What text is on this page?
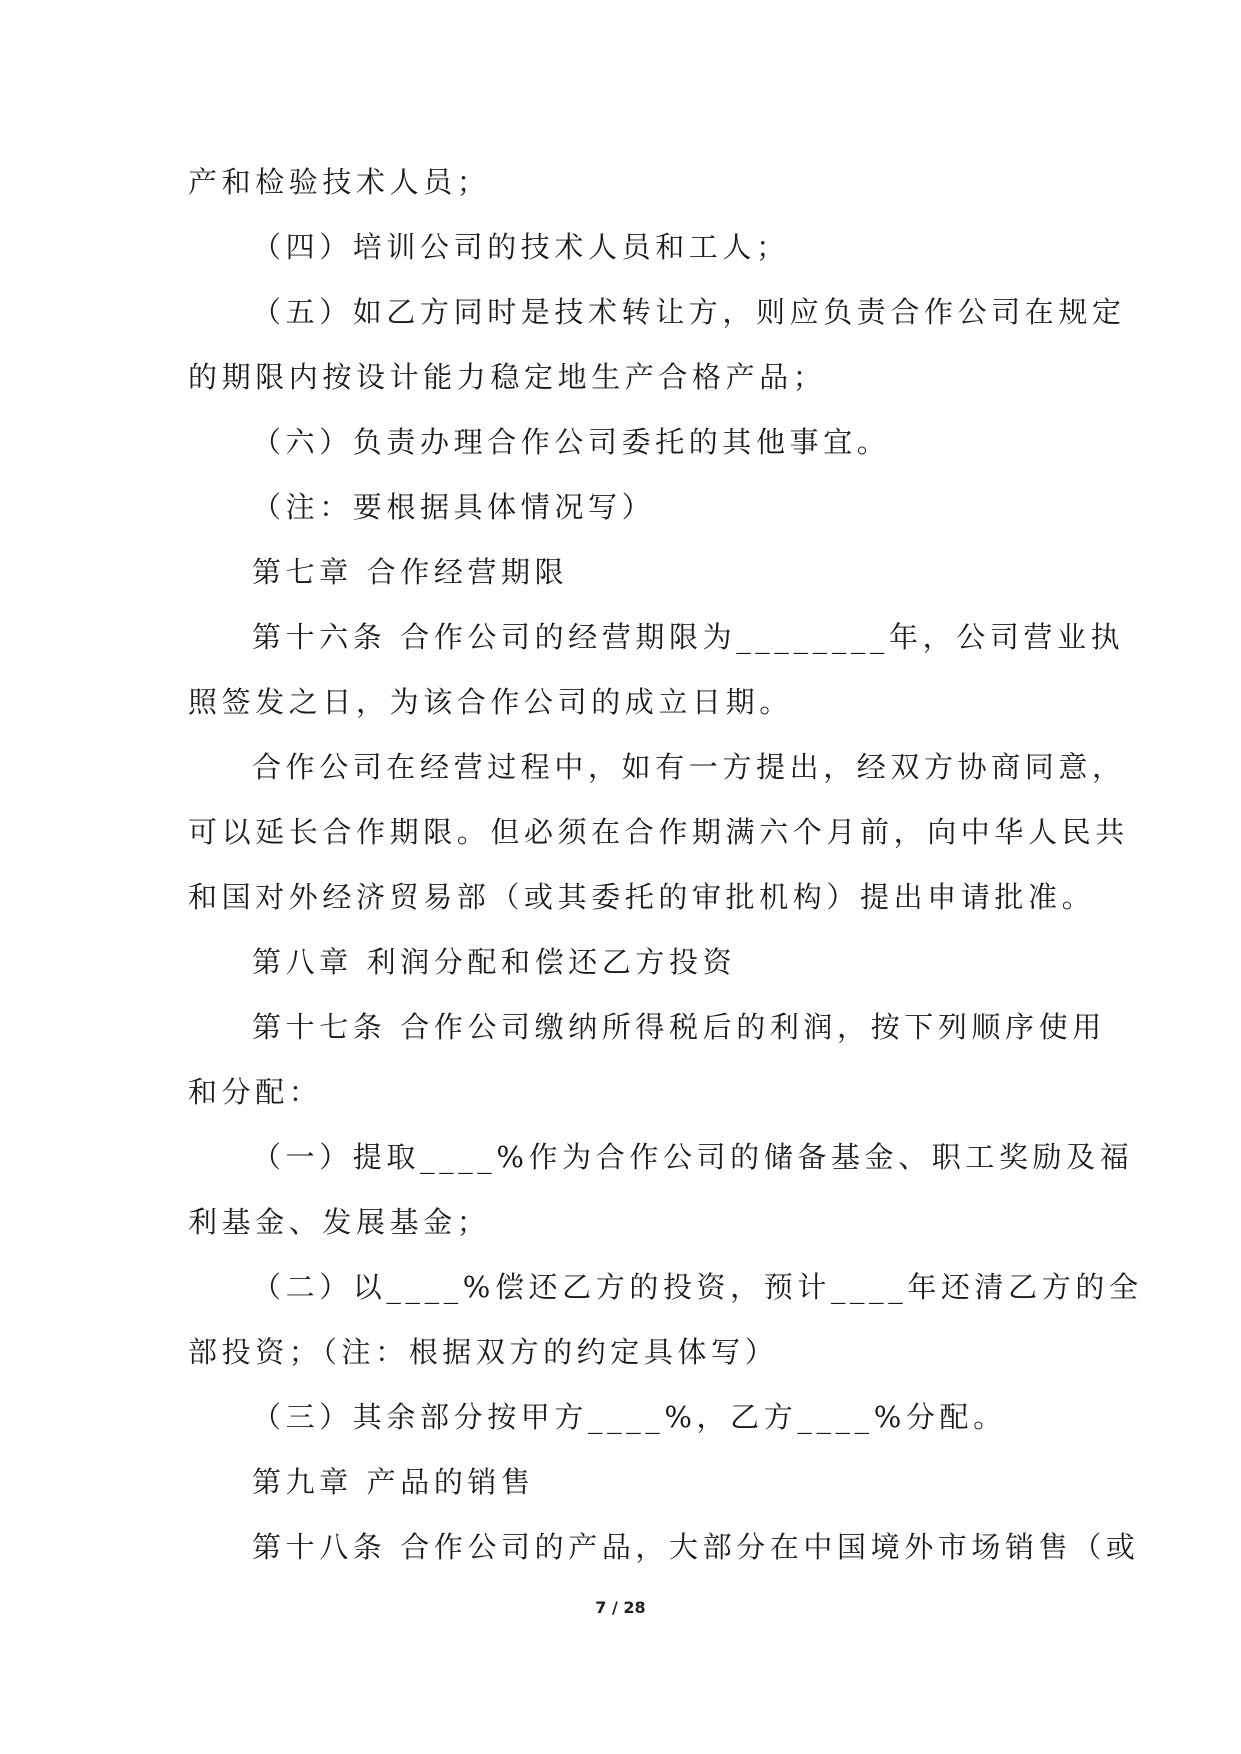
产和检验技术人员；
（四）培训公司的技术人员和工人；
（五）如乙方同时是技术转让方，则应负责合作公司在规定
的期限内按设计能力稳定地生产合格产品；
（六）负责办理合作公司委托的其他事宜。
（注：要根据具体情况写）
第七章 合作经营期限
第十六条 合作公司的经营期限为________年，公司营业执
照签发之日，为该合作公司的成立日期。
合作公司在经营过程中，如有一方提出，经双方协商同意，
可以延长合作期限。但必须在合作期满六个月前，向中华人民共
和国对外经济贸易部（或其委托的审批机构）提出申请批准。
第八章 利润分配和偿还乙方投资
第十七条 合作公司缴纳所得税后的利润，按下列顺序使用
和分配：
（一）提取____%作为合作公司的储备基金、职工奖励及福
利基金、发展基金；
（二）以____%偿还乙方的投资，预计____年还清乙方的全
部投资；（注：根据双方的约定具体写）
（三）其余部分按甲方____%，乙方____%分配。
第九章 产品的销售
第十八条 合作公司的产品，大部分在中国境外市场销售（或
7 / 28
